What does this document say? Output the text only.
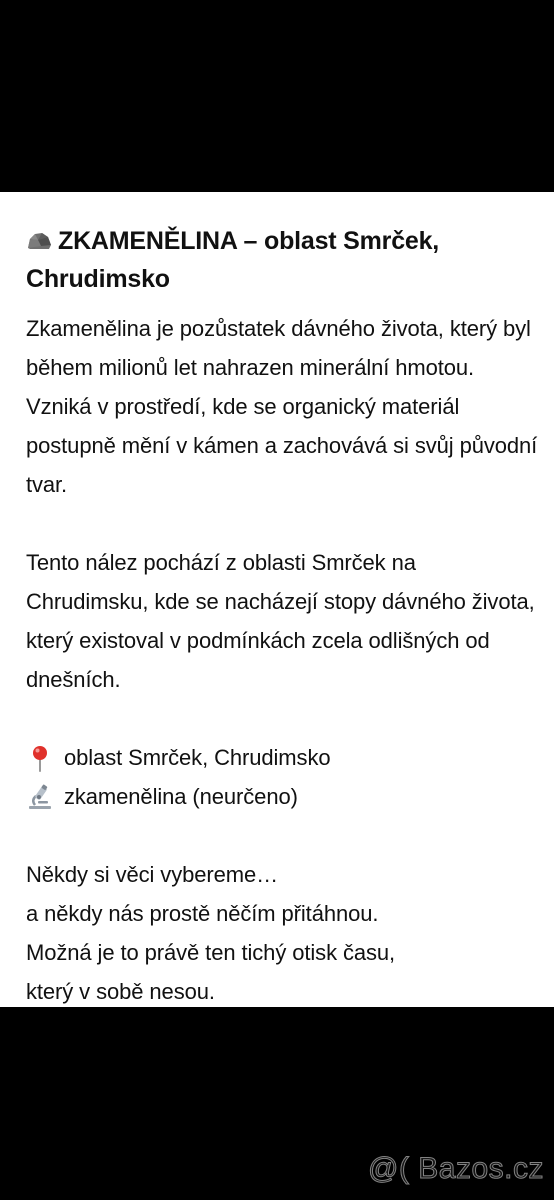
ZKAMENĚLINA – oblast Smrček, Chrudimsko

Zkamenělina je pozůstatek dávného života, který byl během milionů let nahrazen minerální hmotou. Vzniká v prostředí, kde se organický materiál postupně mění v kámen a zachovává si svůj původní tvar.

Tento nález pochází z oblasti Smrček na Chrudimsku, kde se nacházejí stopy dávného života, který existoval v podmínkách zcela odlišných od dnešních.

oblast Smrček, Chrudimsko
zkamenělina (neurčeno)
Někdy si věci vybereme…
a někdy nás prostě něčím přitáhnou.
Možná je to právě ten tichý otisk času,
který v sobě nesou.
@( Bazos.cz
